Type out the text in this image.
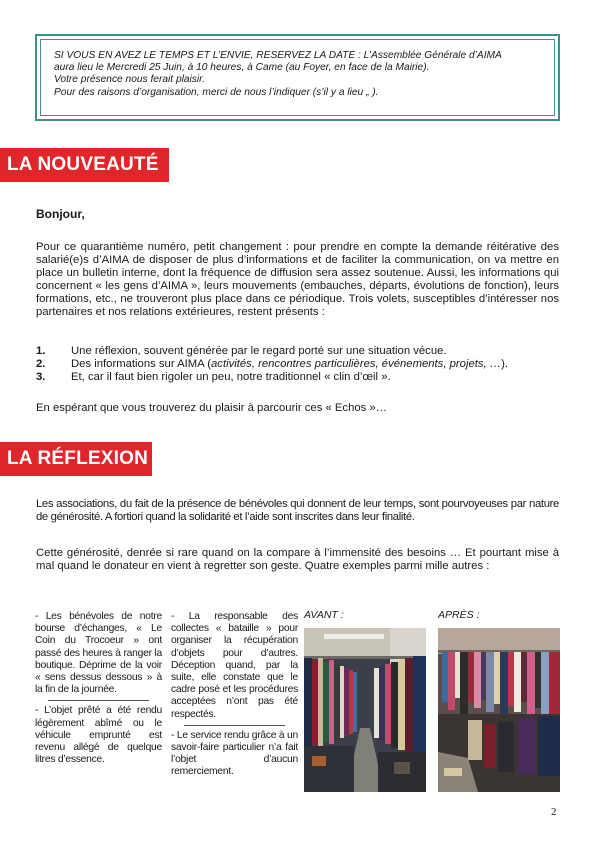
SI VOUS EN AVEZ LE TEMPS ET L’ENVIE, RESERVEZ LA DATE : L’Assemblée Générale d’AIMA

aura lieu le Mercredi 25 Juin, à 10 heures, à Came (au Foyer, en face de la Mairie).

Votre présence nous ferait plaisir.

Pour des raisons d’organisation, merci de nous l’indiquer (s’il y a lieu „ ).

LA NOUVEAUTÉ
Bonjour,

Pour ce quarantième numéro, petit changement : pour prendre en compte la demande réitérative des salarié(e)s d’AIMA de disposer de plus d’informations et de faciliter la communication, on va mettre en place un bulletin interne, dont la fréquence de diffusion sera assez soutenue. Aussi, les informations qui concernent « les gens d’AIMA », leurs mouvements (embauches, départs, évolutions de fonction), leurs formations, etc., ne trouveront plus place dans ce périodique. Trois volets, susceptibles d’intéresser nos partenaires et nos relations extérieures, restent présents :

1.	Une réflexion, souvent générée par le regard porté sur une situation vécue.
2.	Des informations sur AIMA (activités, rencontres particulières, événements, projets, …).
3.	Et, car il faut bien rigoler un peu, notre traditionnel « clin d’œil ».

En espérant que vous trouverez du plaisir à parcourir ces « Echos »…

LA RÉFLEXION

Les associations, du fait de la présence de bénévoles qui donnent de leur temps, sont pourvoyeuses par nature de générosité. A fortiori quand la solidarité et l’aide sont inscrites dans leur finalité.

Cette générosité, denrée si rare quand on la compare à l’immensité des besoins … Et pourtant mise à mal quand le donateur en vient à regretter son geste. Quatre exemples parmi mille autres :

- Les bénévoles de notre bourse d’échanges, « Le Coin du Trocoeur » ont passé des heures à ranger la boutique. Déprime de la voir « sens dessus dessous » à la fin de la journée.

- L’objet prêté a été rendu légèrement abîmé ou le véhicule emprunté est revenu allégé de quelque litres d’essence.

- La responsable des collectes « bataille » pour organiser la récupération d’objets pour d’autres. Déception quand, par la suite, elle constate que le cadre posé et les procédures acceptées n’ont pas été respectés.

- Le service rendu grâce à un savoir-faire particulier n’a fait l’objet d’aucun remerciement.

AVANT :	APRÈS :
2
